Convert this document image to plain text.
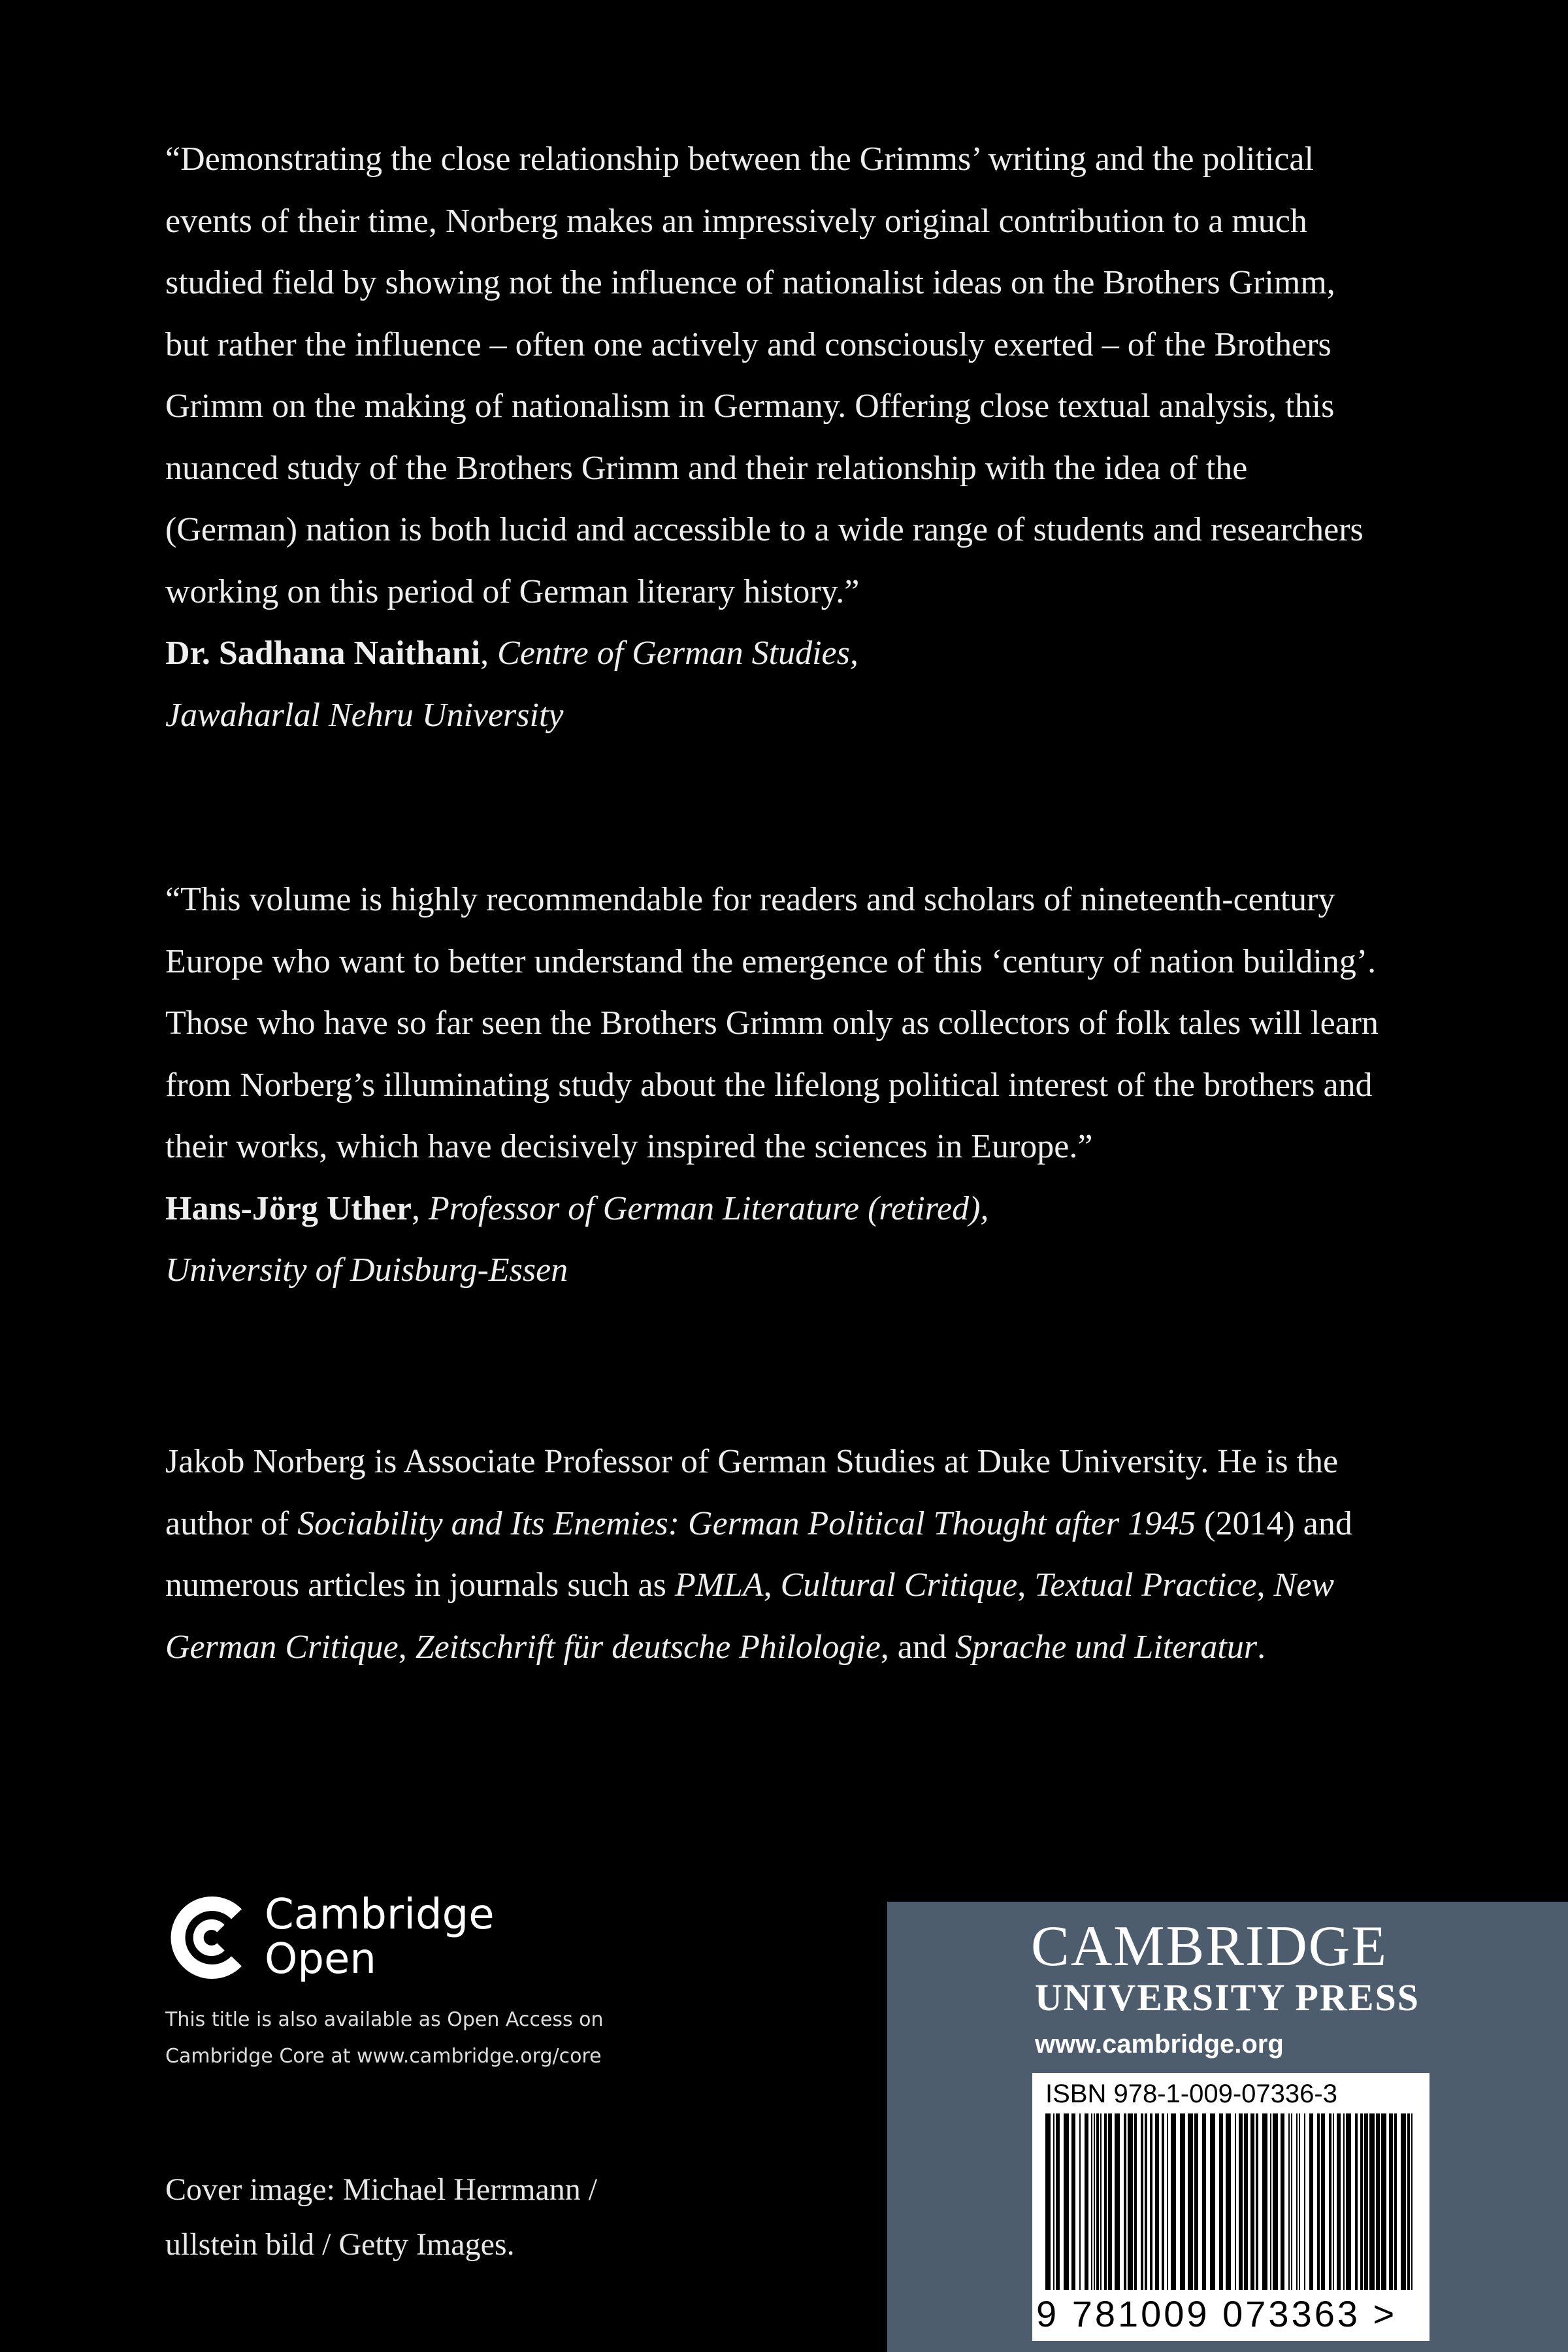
“Demonstrating the close relationship between the Grimms’ writing and the political events of their time, Norberg makes an impressively original contribution to a much studied field by showing not the influence of nationalist ideas on the Brothers Grimm, but rather the influence – often one actively and consciously exerted – of the Brothers Grimm on the making of nationalism in Germany. Offering close textual analysis, this nuanced study of the Brothers Grimm and their relationship with the idea of the (German) nation is both lucid and accessible to a wide range of students and researchers working on this period of German literary history.”
Dr. Sadhana Naithani, Centre of German Studies,
Jawaharlal Nehru University

“This volume is highly recommendable for readers and scholars of nineteenth-century Europe who want to better understand the emergence of this ‘century of nation building’. Those who have so far seen the Brothers Grimm only as collectors of folk tales will learn from Norberg’s illuminating study about the lifelong political interest of the brothers and their works, which have decisively inspired the sciences in Europe.”
Hans-Jörg Uther, Professor of German Literature (retired),
University of Duisburg-Essen

Jakob Norberg is Associate Professor of German Studies at Duke University. He is the author of Sociability and Its Enemies: German Political Thought after 1945 (2014) and numerous articles in journals such as PMLA, Cultural Critique, Textual Practice, New German Critique, Zeitschrift für deutsche Philologie, and Sprache und Literatur.

Cambridge
Open
This title is also available as Open Access on
Cambridge Core at www.cambridge.org/core
Cover image: Michael Herrmann /
ullstein bild / Getty Images.
CAMBRIDGE
UNIVERSITY PRESS
www.cambridge.org
ISBN 978-1-009-07336-3
9 781009 073363 >
